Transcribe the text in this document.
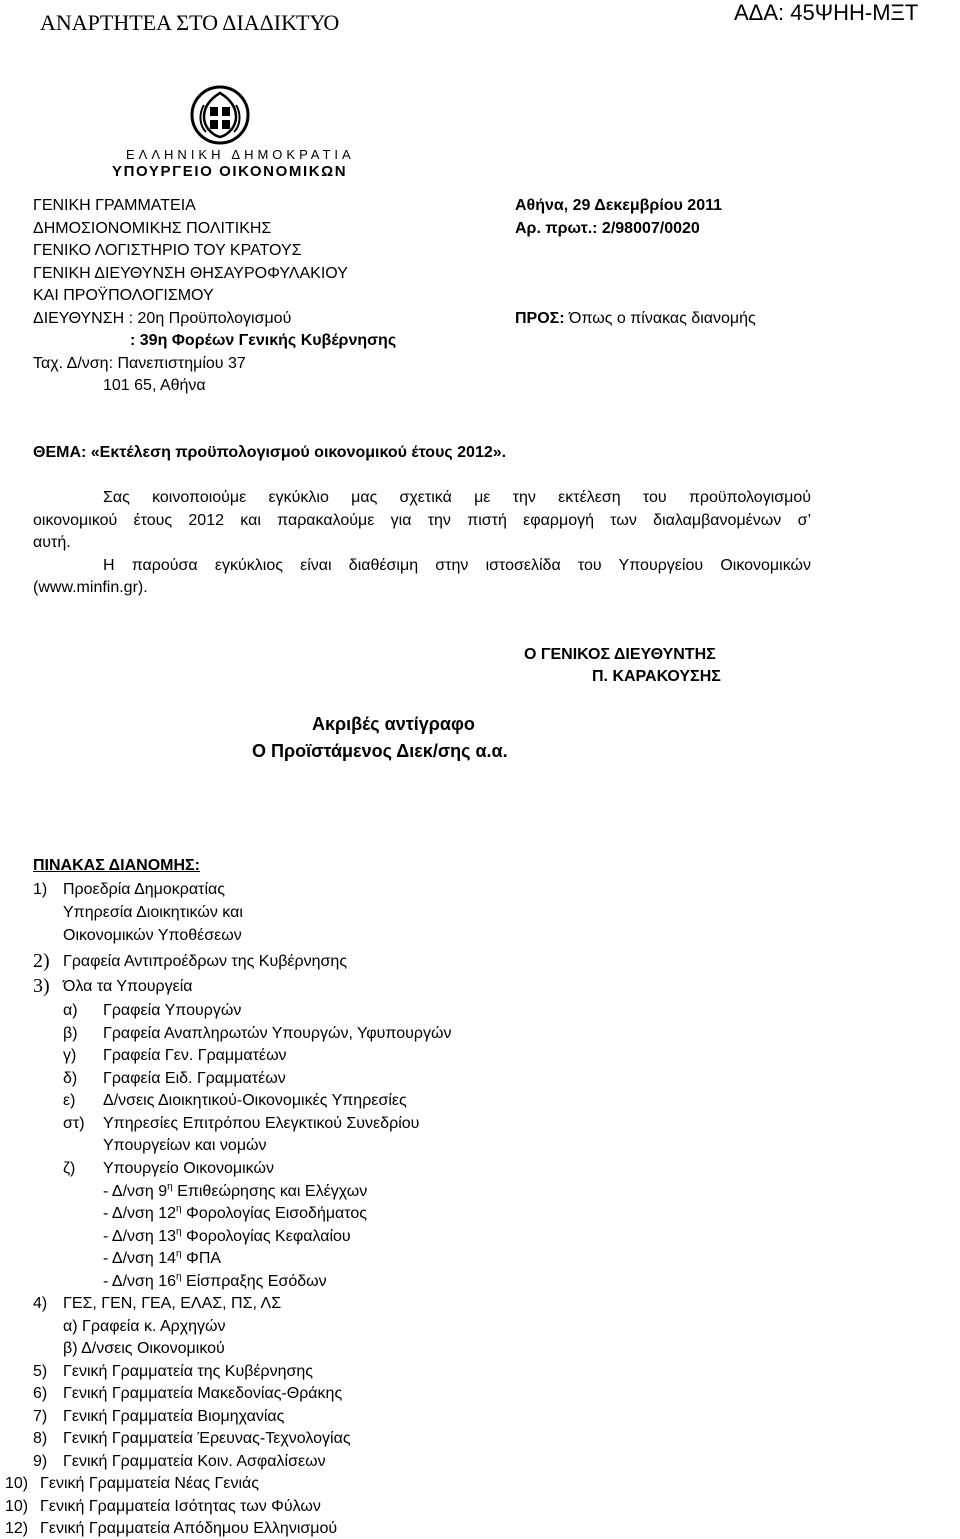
ΑΝΑΡΤΗΤΕΑ ΣΤΟ ΔΙΑΔΙΚΤΥΟ	ΑΔΑ: 45ΨΗΗ-ΜΞΤ
ΕΛΛΗΝΙΚΗ ΔΗΜΟΚΡΑΤΙΑ
ΥΠΟΥΡΓΕΙΟ ΟΙΚΟΝΟΜΙΚΩΝ
ΓΕΝΙΚΗ ΓΡΑΜΜΑΤΕΙΑ
ΔΗΜΟΣΙΟΝΟΜΙΚΗΣ ΠΟΛΙΤΙΚΗΣ
ΓΕΝΙΚΟ ΛΟΓΙΣΤΗΡΙΟ ΤΟΥ ΚΡΑΤΟΥΣ
ΓΕΝΙΚΗ ΔΙΕΥΘΥΝΣΗ ΘΗΣΑΥΡΟΦΥΛΑΚΙΟΥ
ΚΑΙ ΠΡΟΫΠΟΛΟΓΙΣΜΟΥ
ΔΙΕΥΘΥΝΣΗ : 20η Προϋπολογισμού
: 39η Φορέων Γενικής Κυβέρνησης
Ταχ. Δ/νση: Πανεπιστημίου 37
101 65, Αθήνα
Αθήνα, 29 Δεκεμβρίου 2011
Αρ. πρωτ.: 2/98007/0020
ΠΡΟΣ: Όπως ο πίνακας διανομής
ΘΕΜΑ: «Εκτέλεση προϋπολογισμού οικονομικού έτους 2012».
Σας κοινοποιούμε εγκύκλιο μας σχετικά με την εκτέλεση του προϋπολογισμού
οικονομικού έτους 2012 και παρακαλούμε για την πιστή εφαρμογή των διαλαμβανομένων σ’
αυτή.
Η παρούσα εγκύκλιος είναι διαθέσιμη στην ιστοσελίδα του Υπουργείου Οικονομικών
(www.minfin.gr).
Ο ΓΕΝΙΚΟΣ ΔΙΕΥΘΥΝΤΗΣ
Π. ΚΑΡΑΚΟΥΣΗΣ
Ακριβές αντίγραφο
Ο Προϊστάμενος Διεκ/σης α.α.
ΠΙΝΑΚΑΣ ΔΙΑΝΟΜΗΣ:
1) Προεδρία Δημοκρατίας
Υπηρεσία Διοικητικών και
Οικονομικών Υποθέσεων
2) Γραφεία Αντιπροέδρων της Κυβέρνησης
3) Όλα τα Υπουργεία
α) Γραφεία Υπουργών
β) Γραφεία Αναπληρωτών Υπουργών, Υφυπουργών
γ) Γραφεία Γεν. Γραμματέων
δ) Γραφεία Ειδ. Γραμματέων
ε) Δ/νσεις Διοικητικού-Οικονομικές Υπηρεσίες
στ) Υπηρεσίες Επιτρόπου Ελεγκτικού Συνεδρίου
Υπουργείων και νομών
ζ) Υπουργείο Οικονομικών
- Δ/νση $9^\eta$ Επιθεώρησης και Ελέγχων
- Δ/νση $12^\eta$ Φορολογίας Εισοδήματος
- Δ/νση $13^\eta$ Φορολογίας Κεφαλαίου
- Δ/νση $14^\eta$ ΦΠΑ
- Δ/νση $16^\eta$ Είσπραξης Εσόδων
4) ΓΕΣ, ΓΕΝ, ΓΕΑ, ΕΛΑΣ, ΠΣ, ΛΣ
α) Γραφεία κ. Αρχηγών
β) Δ/νσεις Οικονομικού
5) Γενική Γραμματεία της Κυβέρνησης
6) Γενική Γραμματεία Μακεδονίας-Θράκης
7) Γενική Γραμματεία Βιομηχανίας
8) Γενική Γραμματεία Έρευνας-Τεχνολογίας
9) Γενική Γραμματεία Κοιν. Ασφαλίσεων
10) Γενική Γραμματεία Νέας Γενιάς
10) Γενική Γραμματεία Ισότητας των Φύλων
12) Γενική Γραμματεία Απόδημου Ελληνισμού
